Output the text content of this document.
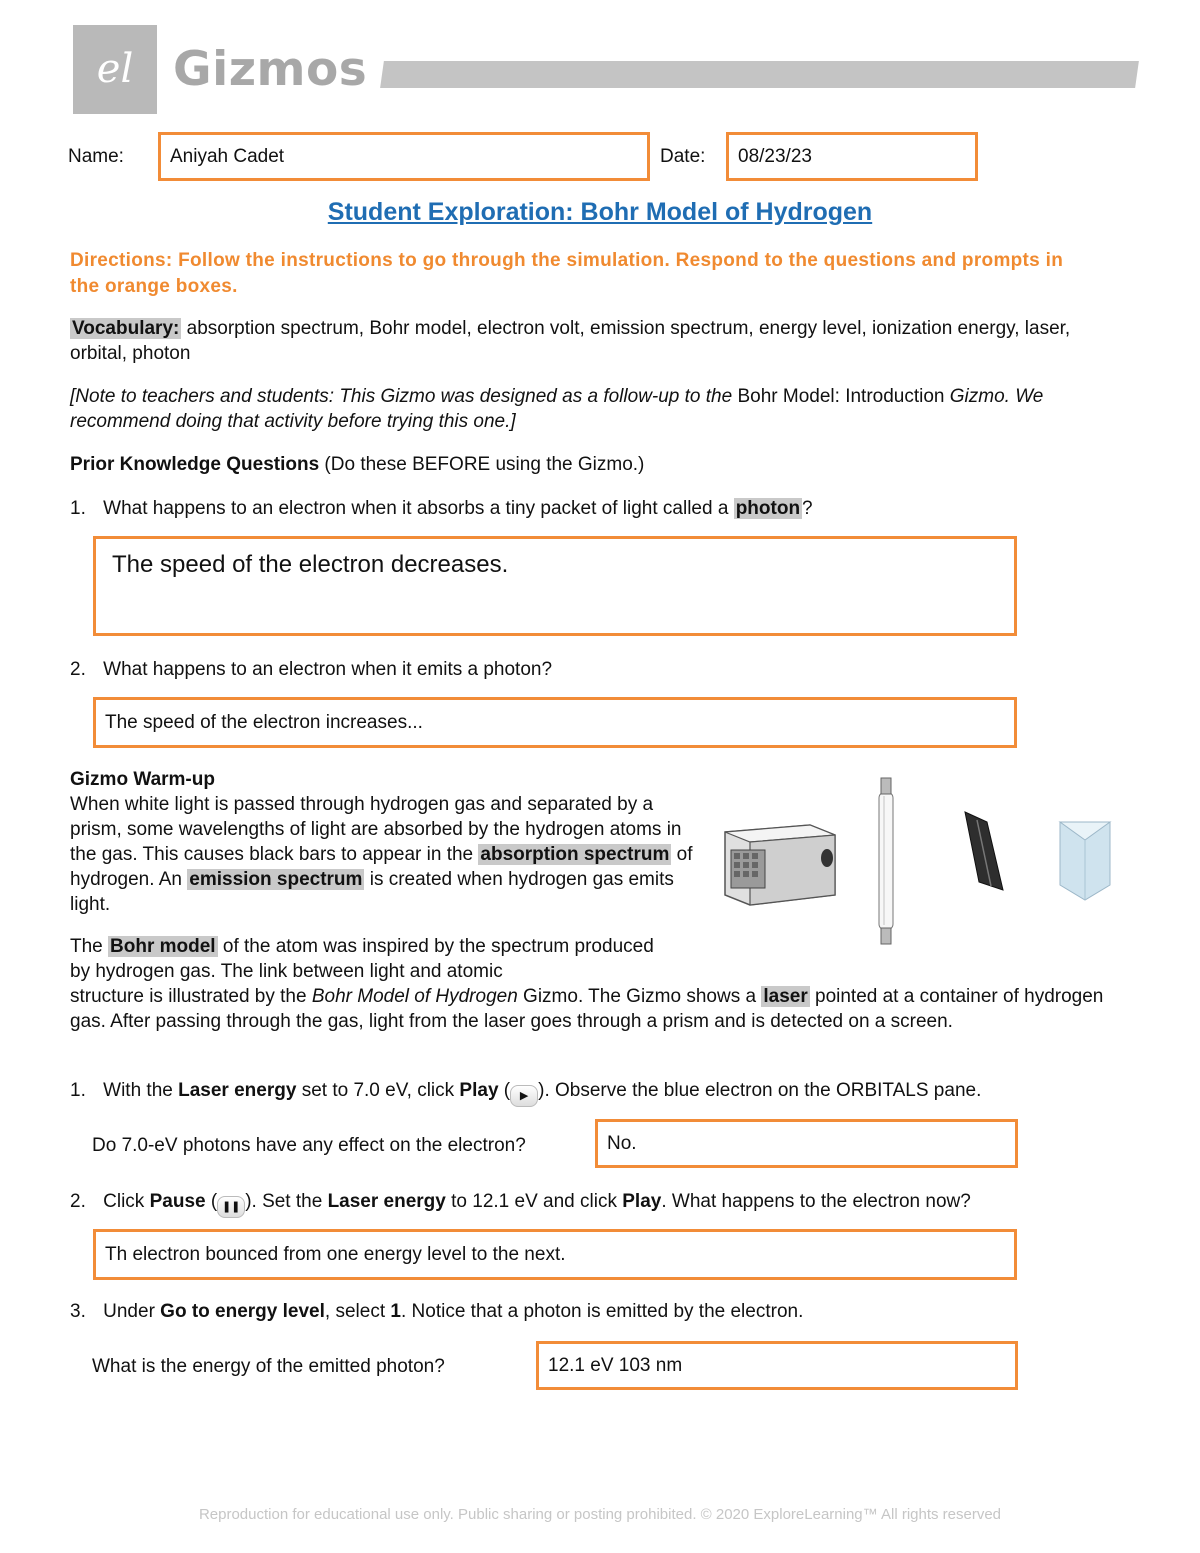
el Gizmos
Name:	Aniyah Cadet	Date:	08/23/23
Student Exploration: Bohr Model of Hydrogen
Directions: Follow the instructions to go through the simulation. Respond to the questions and prompts in the orange boxes.
Vocabulary: absorption spectrum, Bohr model, electron volt, emission spectrum, energy level, ionization energy, laser, orbital, photon
[Note to teachers and students: This Gizmo was designed as a follow-up to the Bohr Model: Introduction Gizmo. We recommend doing that activity before trying this one.]
Prior Knowledge Questions (Do these BEFORE using the Gizmo.)
1. What happens to an electron when it absorbs a tiny packet of light called a photon ?
The speed of the electron decreases.
2. What happens to an electron when it emits a photon?
The speed of the electron increases...
Gizmo Warm-up
When white light is passed through hydrogen gas and separated by a prism, some wavelengths of light are absorbed by the hydrogen atoms in the gas. This causes black bars to appear in the absorption spectrum of hydrogen. An emission spectrum is created when hydrogen gas emits light.
The Bohr model of the atom was inspired by the spectrum produced by hydrogen gas. The link between light and atomic
structure is illustrated by the Bohr Model of Hydrogen Gizmo. The Gizmo shows a laser pointed at a container of hydrogen gas. After passing through the gas, light from the laser goes through a prism and is detected on a screen.
1. With the Laser energy set to 7.0 eV, click Play ( ▶ ). Observe the blue electron on the ORBITALS pane.
Do 7.0-eV photons have any effect on the electron?	No.
2. Click Pause ( ❚❚ ). Set the Laser energy to 12.1 eV and click Play. What happens to the electron now?
Th electron bounced from one energy level to the next.
3. Under Go to energy level, select 1. Notice that a photon is emitted by the electron.
What is the energy of the emitted photon?	12.1 eV 103 nm
Reproduction for educational use only. Public sharing or posting prohibited. © 2020 ExploreLearning™ All rights reserved
